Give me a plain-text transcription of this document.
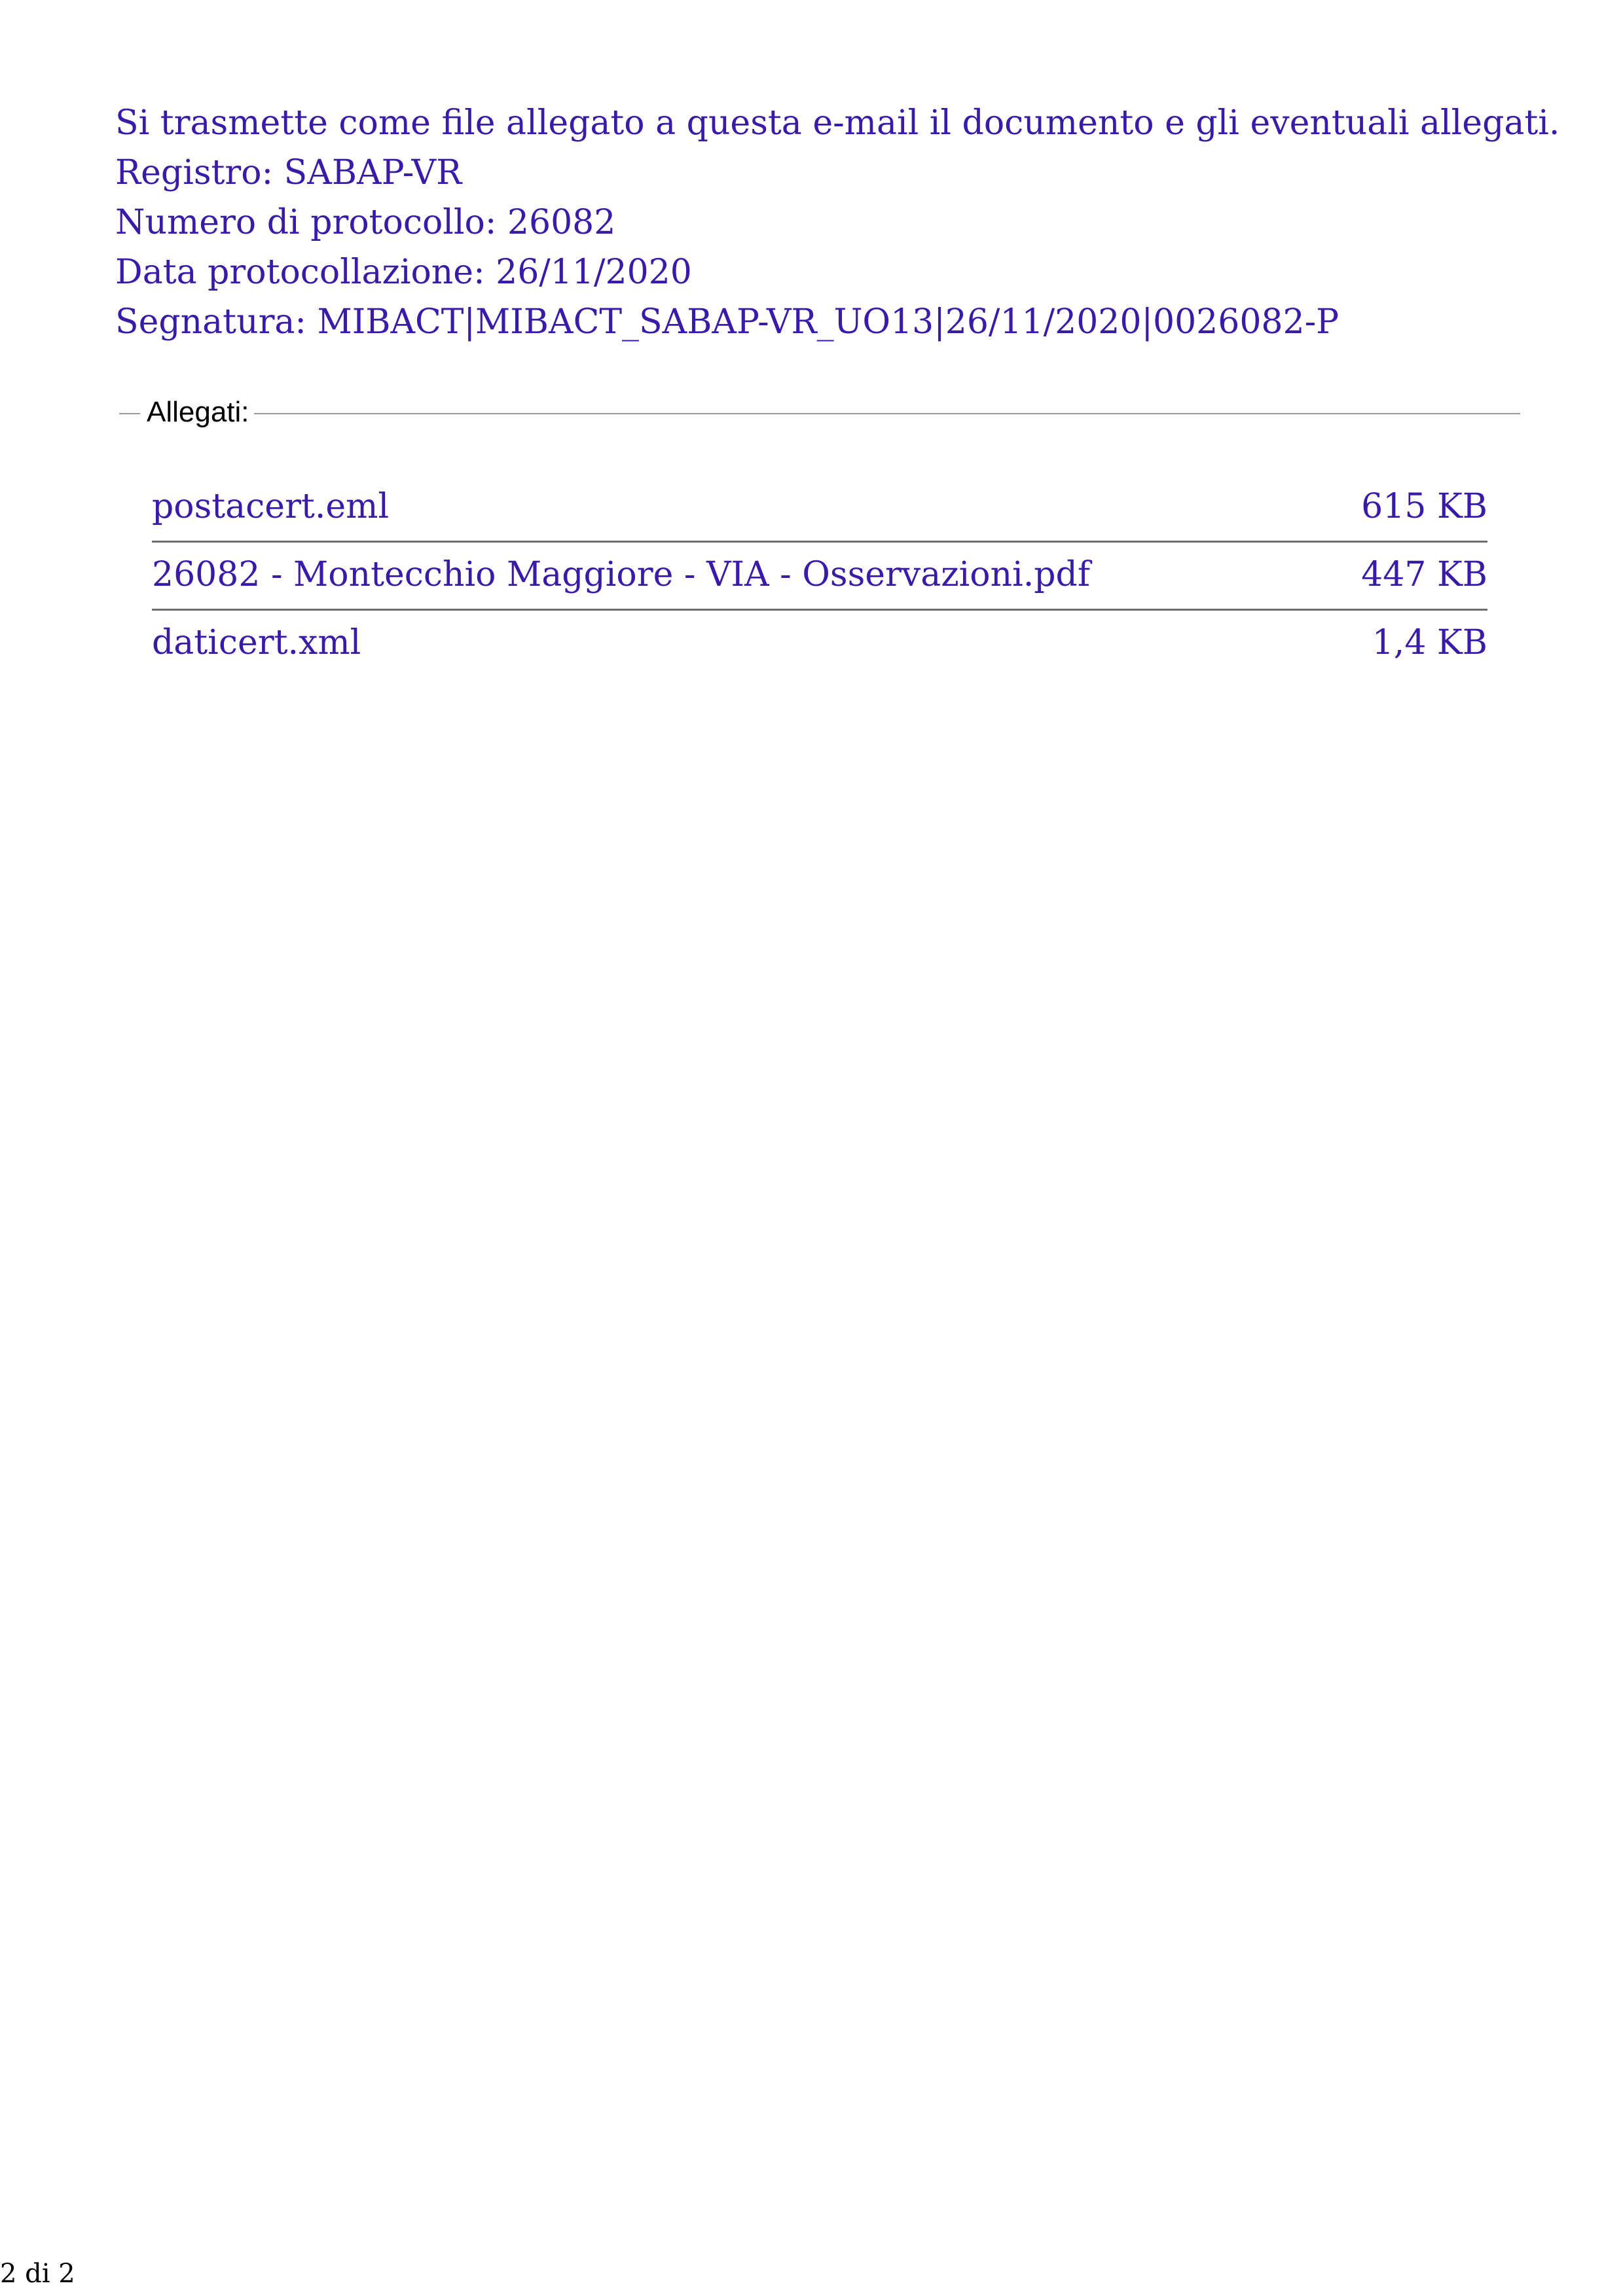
Si trasmette come file allegato a questa e-mail il documento e gli eventuali allegati.
Registro: SABAP-VR
Numero di protocollo: 26082
Data protocollazione: 26/11/2020
Segnatura: MIBACT|MIBACT_SABAP-VR_UO13|26/11/2020|0026082-P
Allegati:
postacert.eml	615 KB
26082 - Montecchio Maggiore - VIA - Osservazioni.pdf	447 KB
daticert.xml	1,4 KB
2 di 2
